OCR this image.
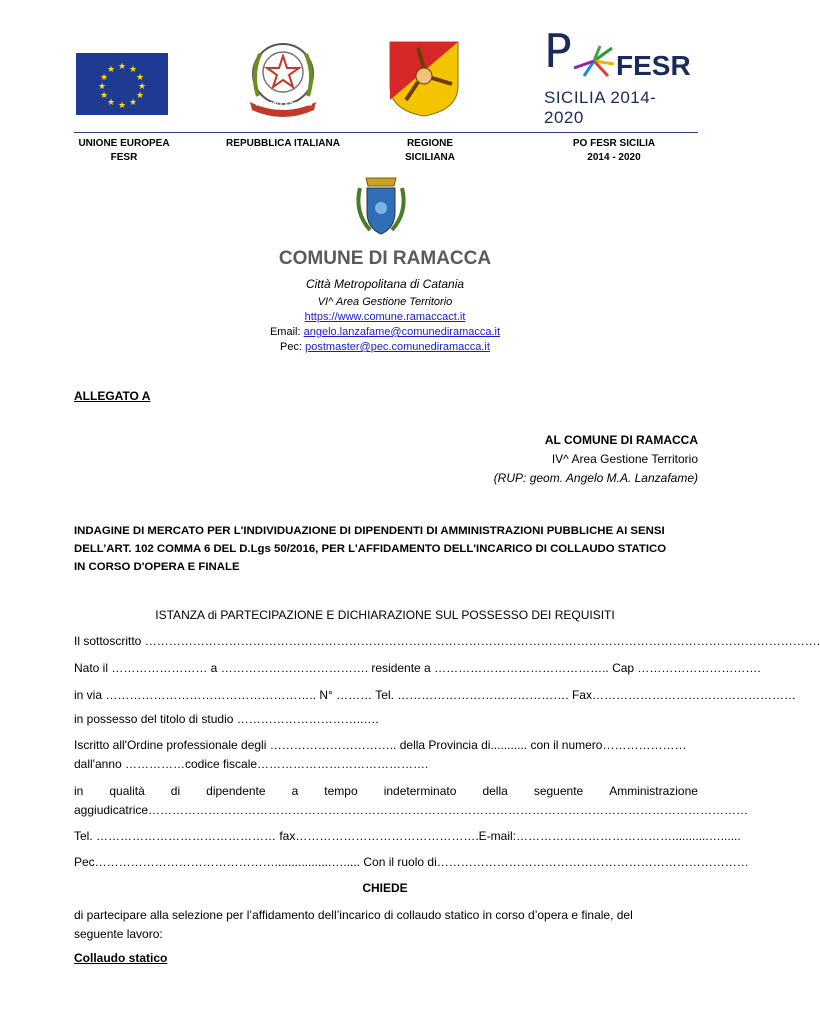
★ ★
★
★
★
★
★
★
★
★
★
★
REPVBBLICA ITALIANA
P FESR
SICILIA 2014-2020
UNIONE EUROPEA
FESR
REPUBBLICA ITALIANA	REGIONE
SICILIANA
PO FESR SICILIA
2014 - 2020
COMUNE DI RAMACCA
Città Metropolitana di Catania
VI^ Area Gestione Territorio
https://www.comune.ramaccact.it
Email: angelo.lanzafame@comunediramacca.it
Pec: postmaster@pec.comunediramacca.it
ALLEGATO A
AL COMUNE DI RAMACCA
IV^ Area Gestione Territorio
(RUP: geom. Angelo M.A. Lanzafame)
INDAGINE DI MERCATO PER L'INDIVIDUAZIONE DI DIPENDENTI DI AMMINISTRAZIONI PUBBLICHE AI SENSI
DELL’ART. 102 COMMA 6 DEL D.Lgs 50/2016, PER L'AFFIDAMENTO DELL'INCARICO DI COLLAUDO STATICO
IN CORSO D'OPERA E FINALE
ISTANZA di PARTECIPAZIONE E DICHIARAZIONE SUL POSSESSO DEI REQUISITI
Il sottoscritto …………………………………………………………………………………………………………………………………………………….
Nato il …………………… a ………………………………. residente a …………………………………….. Cap ………………………….
in via …………………………………………….. N° ……… Tel. ……………………………………. Fax……………………………………………
in possesso del titolo di studio …………………………..….
Iscritto all'Ordine professionale degli ………………………….. della Provincia di........... con il numero…………………
dall'anno ……………codice fiscale…………………………………….
in qualità di dipendente a tempo indeterminato della seguente Amministrazione
aggiudicatrice……………………………………………………………………………………………………………………………………
Tel. ……………………………………… fax……………………………………….E-mail:…………………………………...........…......
Pec……………………………………….................…..... Con il ruolo di……………………………………………………………………
CHIEDE
di partecipare alla selezione per l’affidamento dell’incarico di collaudo statico in corso d’opera e finale, del
seguente lavoro:
Collaudo statico
